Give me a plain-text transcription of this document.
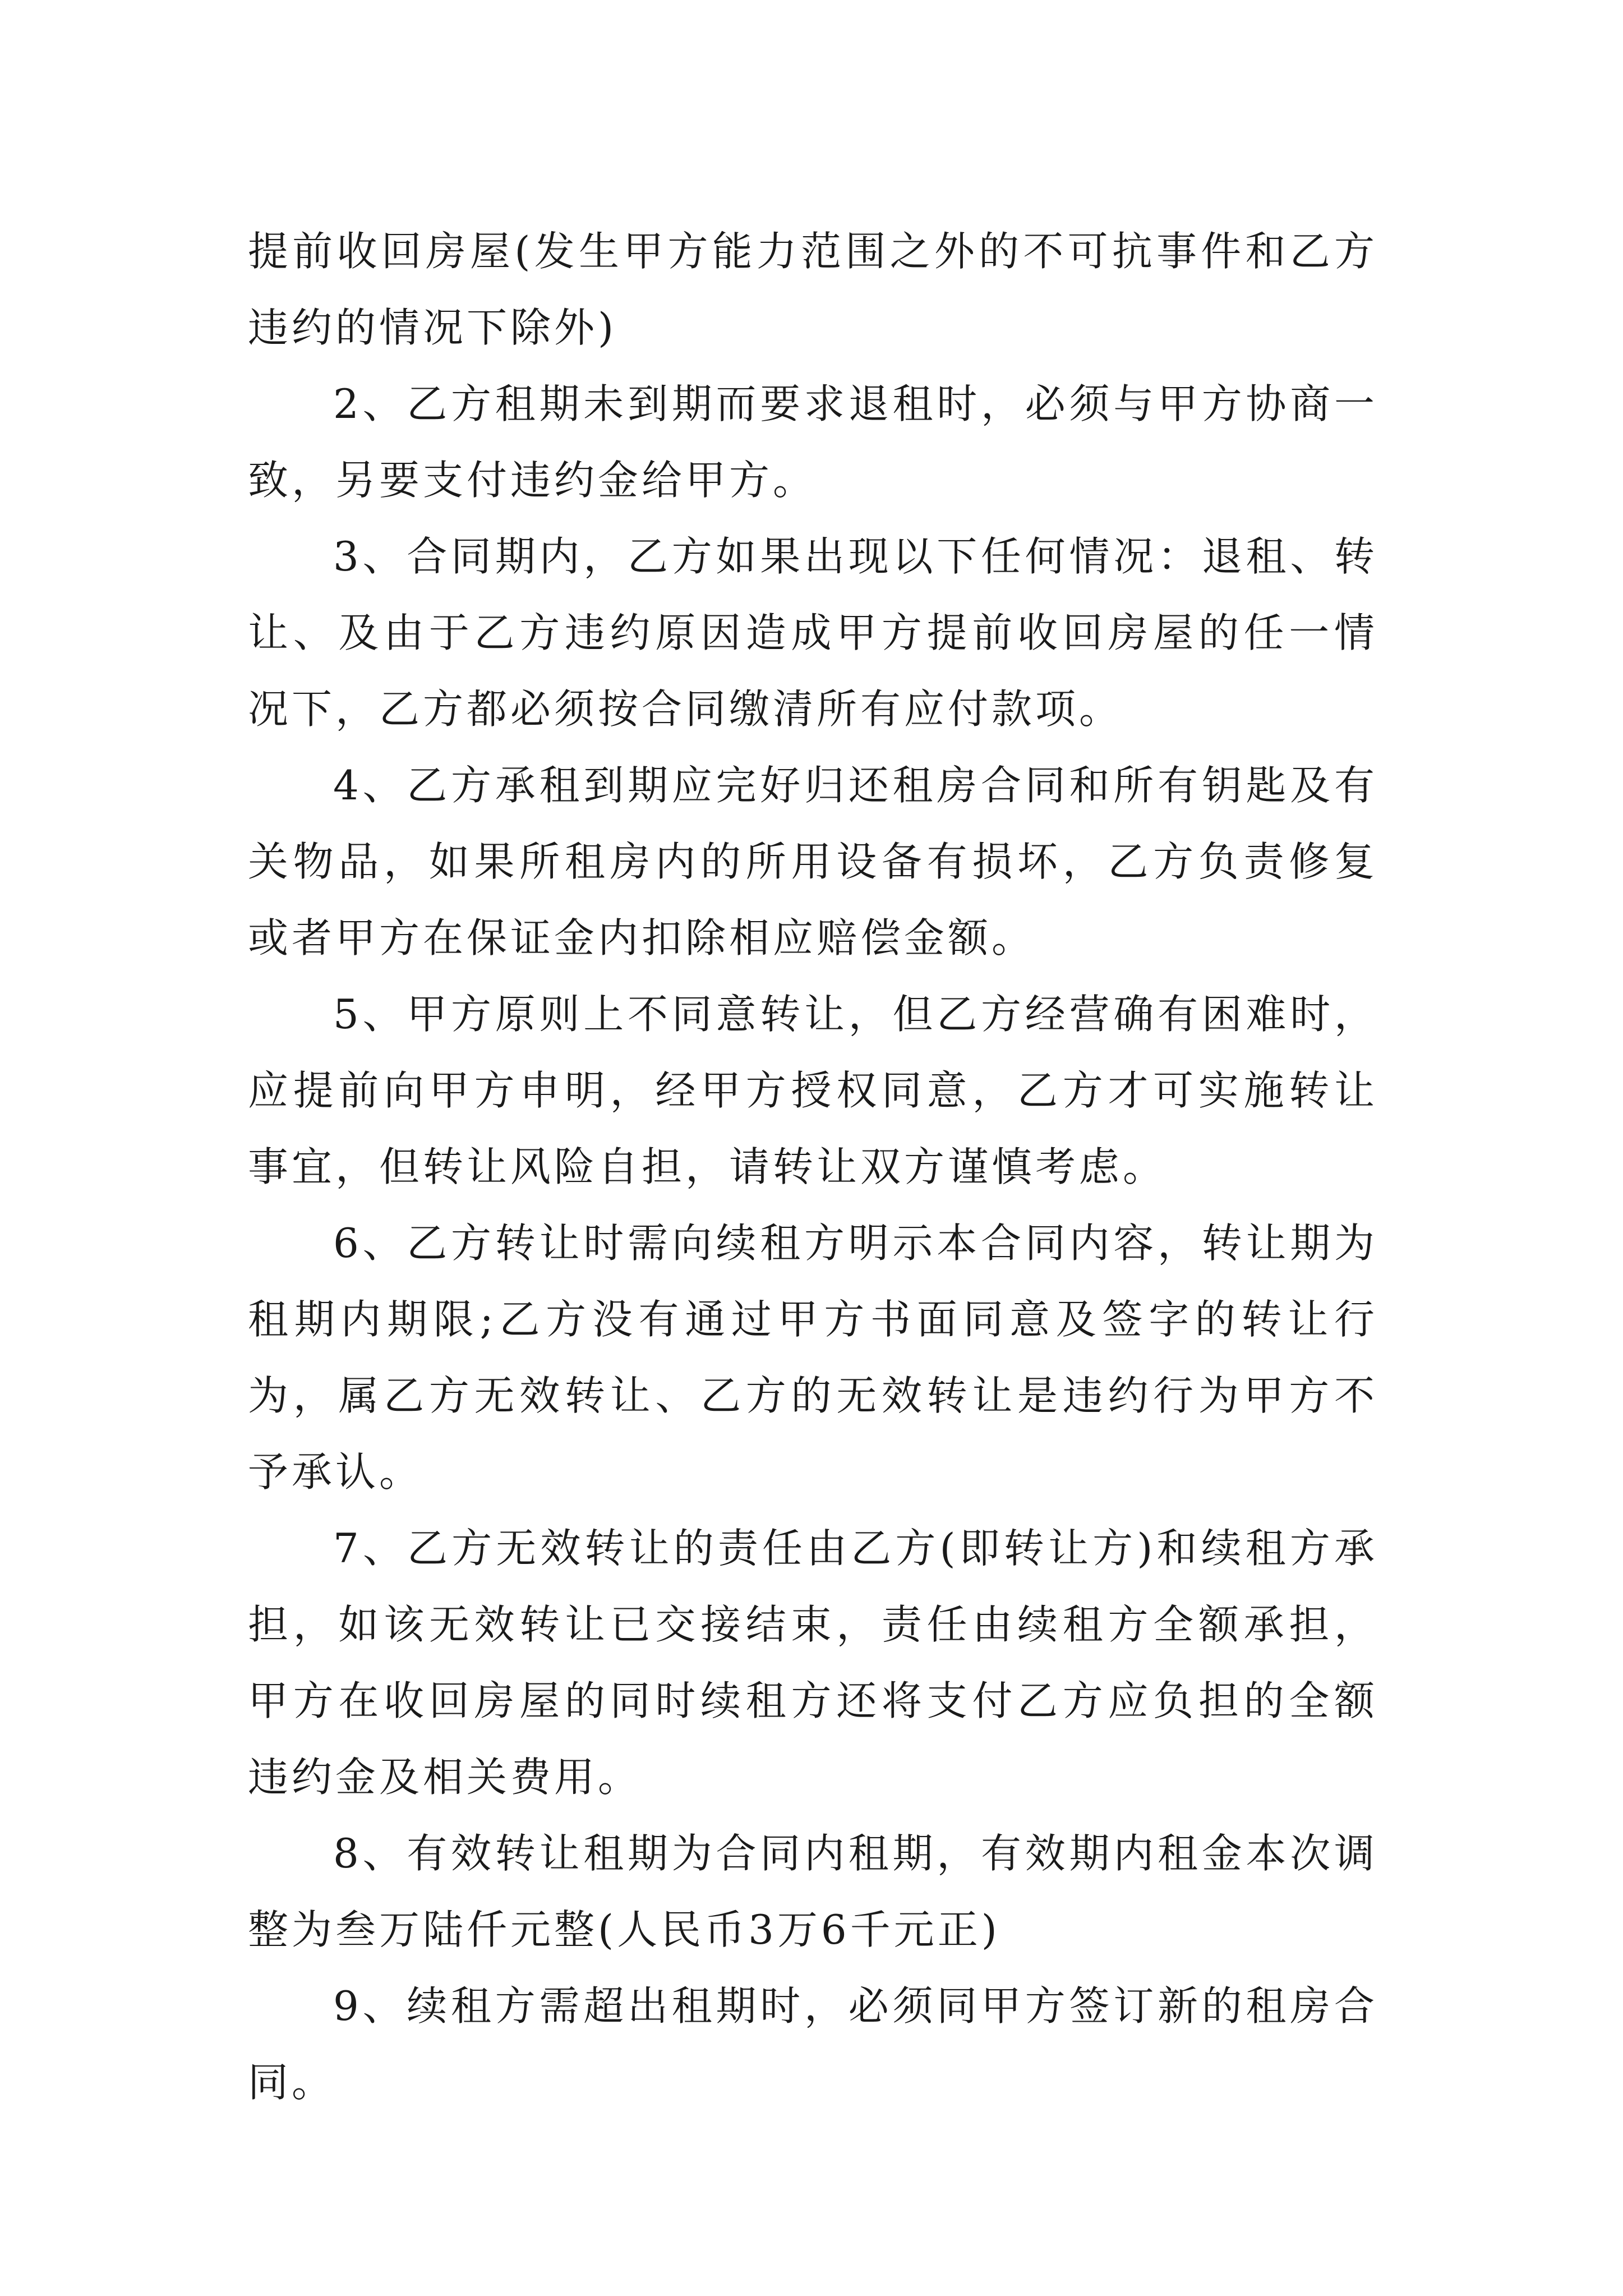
提前收回房屋(发生甲方能力范围之外的不可抗事件和乙方违约的情况下除外)

2、乙方租期未到期而要求退租时，必须与甲方协商一致，另要支付违约金给甲方。

3、合同期内，乙方如果出现以下任何情况：退租、转让、及由于乙方违约原因造成甲方提前收回房屋的任一情况下，乙方都必须按合同缴清所有应付款项。

4、乙方承租到期应完好归还租房合同和所有钥匙及有关物品，如果所租房内的所用设备有损坏，乙方负责修复或者甲方在保证金内扣除相应赔偿金额。

5、甲方原则上不同意转让，但乙方经营确有困难时，应提前向甲方申明，经甲方授权同意，乙方才可实施转让事宜，但转让风险自担，请转让双方谨慎考虑。

6、乙方转让时需向续租方明示本合同内容，转让期为租期内期限;乙方没有通过甲方书面同意及签字的转让行为，属乙方无效转让、乙方的无效转让是违约行为甲方不予承认。

7、乙方无效转让的责任由乙方(即转让方)和续租方承担，如该无效转让已交接结束，责任由续租方全额承担，甲方在收回房屋的同时续租方还将支付乙方应负担的全额违约金及相关费用。

8、有效转让租期为合同内租期，有效期内租金本次调整为叁万陆仟元整(人民币3万6千元正)

9、续租方需超出租期时，必须同甲方签订新的租房合同。
